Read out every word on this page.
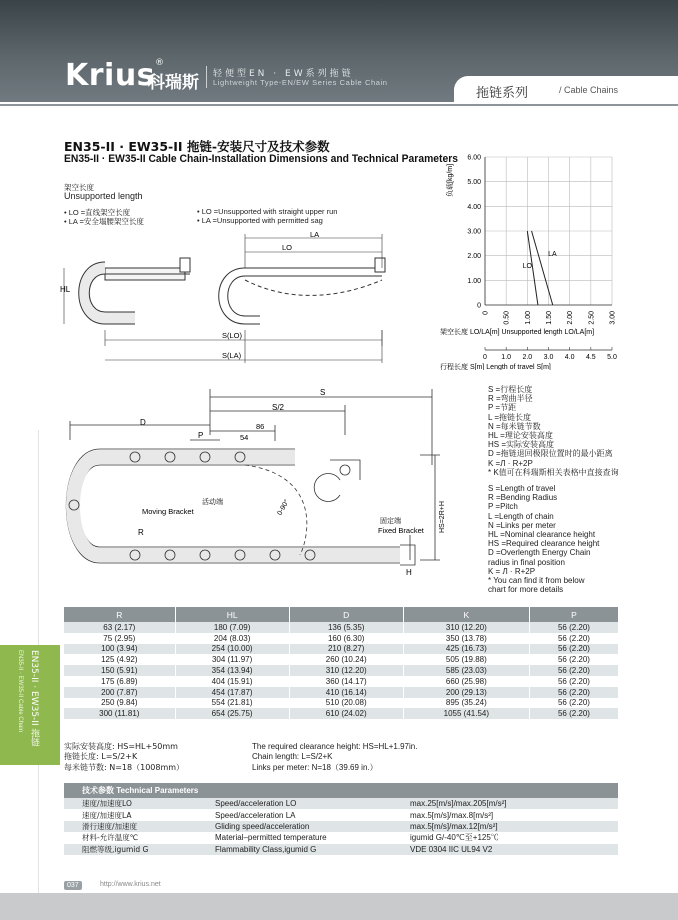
Krius®
科瑞斯 轻便型EN · EW系列拖链
Lightweight Type-EN/EW Series Cable Chain
拖链系列	/ Cable Chains
EN35-II · EW35-II 拖链-安装尺寸及技术参数
EN35-II · EW35-II Cable Chain-Installation Dimensions and Technical Parameters
架空长度
Unsupported length
• LO =直线架空长度
• LA =安全塌腰架空长度
• LO =Unsupported with straight upper run
• LA =Unsupported with permitted sag
HL
LA
LO
S(LO)
S(LA)
LO
LA
0
1.00
2.00
3.00
4.00
5.00
6.00
0 0.50 1.00 1.50 2.00 2.50 3.00
0 1.0 2.0 3.0 4.0 4.5 5.0
负载[kg/m]
架空长度 LO/LA[m] Unsupported length LO/LA[m]
行程长度 S[m] Length of travel S[m]
S =行程长度
R =弯曲半径
P =节距
L =拖链长度
N =每米链节数
HL =理论安装高度
HS =实际安装高度
D =拖链退回极限位置时的最小距离
K =Л · R+2P
* K值可在科瑞斯相关表格中直接查询
S =Length of travel
R =Bending Radius
P =Pitch
L =Length of chain
N =Links per meter
HL =Nominal clearance height
HS =Required clearance height
D =Overlength Energy Chain
radius in final position
K = Л · R+2P
* You can find it from below
chart for more details
S
S/2
86
D
P	54
0-90°
R
H
HS=2R+H
活动端
Moving Bracket
固定端
Fixed Bracket
EN35-II · EW35-II 拖链
EN35-II · EW35-II Cable Chain
R	HL	D	K	P
63 (2.17)	180 (7.09)	136 (5.35)	310 (12.20)	56 (2.20)
75 (2.95)	204 (8.03)	160 (6.30)	350 (13.78)	56 (2.20)
100 (3.94)	254 (10.00)	210 (8.27)	425 (16.73)	56 (2.20)
125 (4.92)	304 (11.97)	260 (10.24)	505 (19.88)	56 (2.20)
150 (5.91)	354 (13.94)	310 (12.20)	585 (23.03)	56 (2.20)
175 (6.89)	404 (15.91)	360 (14.17)	660 (25.98)	56 (2.20)
200 (7.87)	454 (17.87)	410 (16.14)	200 (29.13)	56 (2.20)
250 (9.84)	554 (21.81)	510 (20.08)	895 (35.24)	56 (2.20)
300 (11.81)	654 (25.75)	610 (24.02)	1055 (41.54)	56 (2.20)
实际安装高度: HS=HL+50mm
拖链长度: L=S/2+K
每米链节数: N=18（1008mm）
The required clearance height: HS=HL+1.97in.
Chain length: L=S/2+K
Links per meter: N=18（39.69 in.）
技术参数 Technical Parameters		
速度/加速度LO	Speed/acceleration LO	max.25[m/s]/max.205[m/s²]
速度/加速度LA	Speed/acceleration LA	max.5[m/s]/max.8[m/s²]
滑行速度/加速度	Gliding speed/acceleration	max.5[m/s]/max.12[m/s²]
材料-允许温度℃	Material–permitted temperature	igumid G/-40℃至+125℃
阻燃等级,igumid G	Flammability Class,igumid G	VDE 0304 IIC UL94 V2
037	http://www.krius.net
